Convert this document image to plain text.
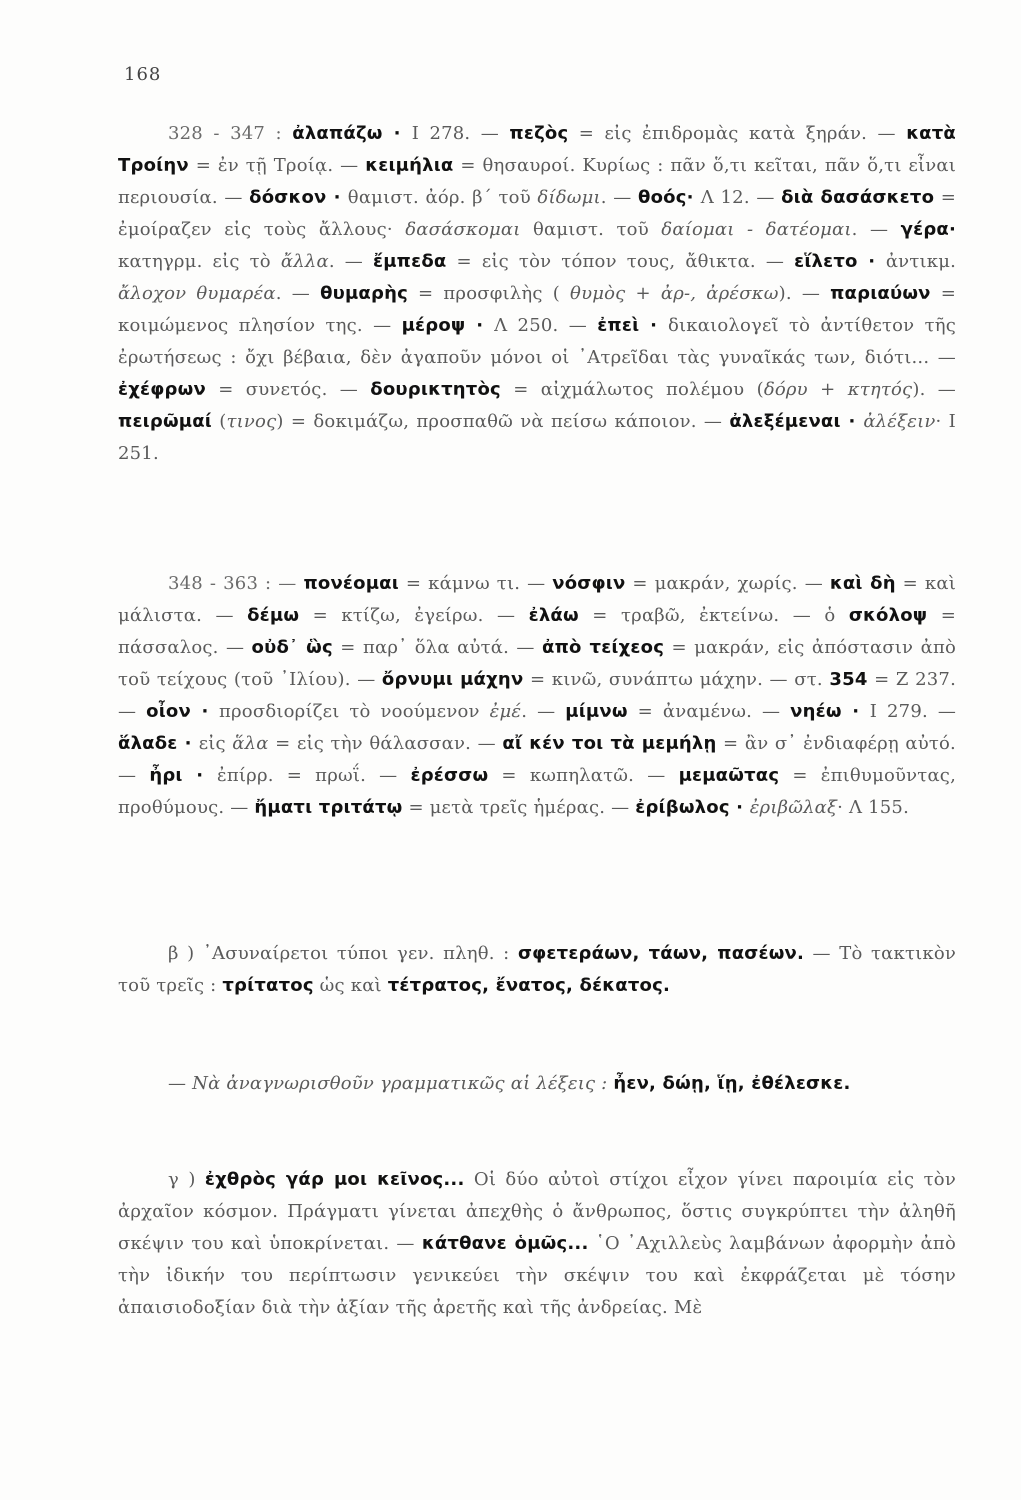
168

328 - 347 : ἀλαπάζω · Ι 278. — πεζὸς = εἰς ἐπιδρομὰς κατὰ ξηράν. — κατὰ Τροίην = ἐν τῇ Τροίᾳ. — κειμήλια = θησαυροί. Κυρίως : πᾶν ὅ,τι κεῖται, πᾶν ὅ,τι εἶναι περιουσία. — δόσκον · θαμιστ. ἀόρ. β΄ τοῦ δίδωμι. — θοός· Λ 12. — διὰ δασάσκετο = ἐμοίραζεν εἰς τοὺς ἄλλους· δασάσκομαι θαμιστ. τοῦ δαίομαι - δατέομαι. — γέρα· κατηγρμ. εἰς τὸ ἄλλα. — ἔμπεδα = εἰς τὸν τόπον τους, ἄθικτα. — εἵλετο · ἀντικμ. ἄλοχον θυμαρέα. — θυμαρὴς = προσφιλὴς ( θυμὸς + ἀρ-, ἀρέσκω). — παριαύων = κοιμώμενος πλησίον της. — μέροψ · Λ 250. — ἐπεὶ · δικαιολογεῖ τὸ ἀντίθετον τῆς ἐρωτήσεως : ὄχι βέβαια, δὲν ἀγαποῦν μόνοι οἱ ᾿Ατρεῖδαι τὰς γυναῖκάς των, διότι... — ἐχέφρων = συνετός. — δουρικτητὸς = αἰχμάλωτος πολέμου (δόρυ + κτητός). — πειρῶμαί (τινος) = δοκιμάζω, προσπαθῶ νὰ πείσω κάποιον. — ἀλεξέμεναι · ἀλέξειν· Ι 251.

348 - 363 : — πονέομαι = κάμνω τι. — νόσφιν = μακράν, χωρίς. — καὶ δὴ = καὶ μάλιστα. — δέμω = κτίζω, ἐγείρω. — ἐλάω = τραβῶ, ἐκτείνω. — ὁ σκόλοψ = πάσσαλος. — οὐδ᾿ ὣς = παρ᾿ ὅλα αὐτά. — ἀπὸ τείχεος = μακράν, εἰς ἀπόστασιν ἀπὸ τοῦ τείχους (τοῦ ᾿Ιλίου). — ὄρνυμι μάχην = κινῶ, συνάπτω μάχην. — στ. 354 = Ζ 237. — οἶον · προσδιορίζει τὸ νοούμενον ἐμέ. — μίμνω = ἀναμένω. — νηέω · Ι 279. — ἅλαδε · εἰς ἅλα = εἰς τὴν θάλασσαν. — αἴ κέν τοι τὰ μεμήλῃ = ἂν σ᾿ ἐνδιαφέρῃ αὐτό. — ἦρι · ἐπίρρ. = πρωΐ. — ἐρέσσω = κωπηλατῶ. — μεμαῶτας = ἐπιθυμοῦντας, προθύμους. — ἤματι τριτάτῳ = μετὰ τρεῖς ἡμέρας. — ἐρίβωλος · ἐριβῶλαξ· Λ 155.

β ) ᾿Ασυναίρετοι τύποι γεν. πληθ. : σφετεράων, τάων, πασέων. — Τὸ τακτικὸν τοῦ τρεῖς : τρίτατος ὡς καὶ τέτρατος, ἔνατος, δέκατος.

— Νὰ ἀναγνωρισθοῦν γραμματικῶς αἱ λέξεις : ἦεν, δώῃ, ἵῃ, ἐθέλεσκε.

γ ) ἐχθρὸς γάρ μοι κεῖνος... Οἱ δύο αὐτοὶ στίχοι εἶχον γίνει παροιμία εἰς τὸν ἀρχαῖον κόσμον. Πράγματι γίνεται ἀπεχθὴς ὁ ἄνθρωπος, ὅστις συγκρύπτει τὴν ἀληθῆ σκέψιν του καὶ ὑποκρίνεται. — κάτθανε ὁμῶς... ῾Ο ᾿Αχιλλεὺς λαμβάνων ἀφορμὴν ἀπὸ τὴν ἰδικήν του περίπτωσιν γενικεύει τὴν σκέψιν του καὶ ἐκφράζεται μὲ τόσην ἀπαισιοδοξίαν διὰ τὴν ἀξίαν τῆς ἀρετῆς καὶ τῆς ἀνδρείας. Μὲ
